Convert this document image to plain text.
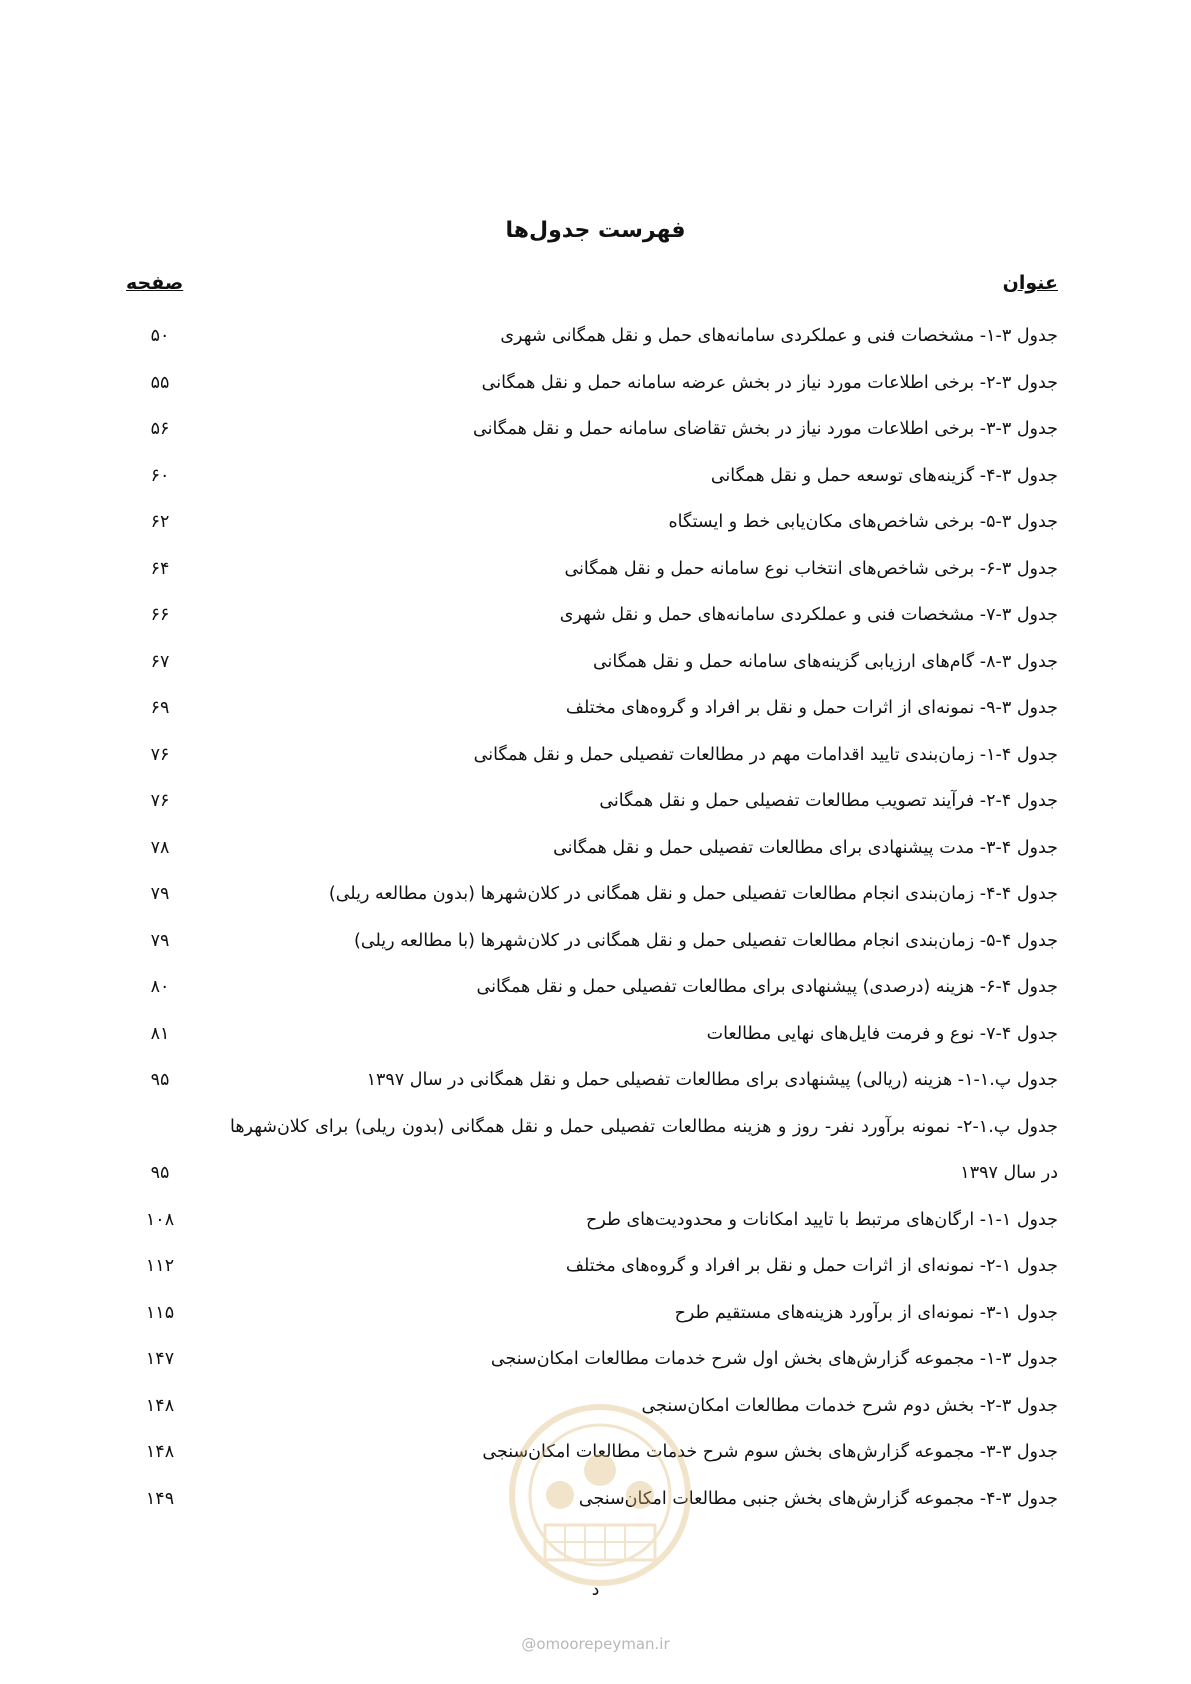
فهرست جدول‌ها
عنوان
صفحه
جدول ۳-۱- مشخصات فنی و عملکردی سامانه‌های حمل و نقل همگانی شهری
۵۰
جدول ۳-۲- برخی اطلاعات مورد نیاز در بخش عرضه سامانه حمل و نقل همگانی
۵۵
جدول ۳-۳- برخی اطلاعات مورد نیاز در بخش تقاضای سامانه حمل و نقل همگانی
۵۶
جدول ۳-۴- گزینه‌های توسعه حمل و نقل همگانی
۶۰
جدول ۳-۵- برخی شاخص‌های مکان‌یابی خط و ایستگاه
۶۲
جدول ۳-۶- برخی شاخص‌های انتخاب نوع سامانه حمل و نقل همگانی
۶۴
جدول ۳-۷- مشخصات فنی و عملکردی سامانه‌های حمل و نقل شهری
۶۶
جدول ۳-۸- گام‌های ارزیابی گزینه‌های سامانه حمل و نقل همگانی
۶۷
جدول ۳-۹- نمونه‌ای از اثرات حمل و نقل بر افراد و گروه‌های مختلف
۶۹
جدول ۴-۱- زمان‌بندی تایید اقدامات مهم در مطالعات تفصیلی حمل و نقل همگانی
۷۶
جدول ۴-۲- فرآیند تصویب مطالعات تفصیلی حمل و نقل همگانی
۷۶
جدول ۴-۳- مدت پیشنهادی برای مطالعات تفصیلی حمل و نقل همگانی
۷۸
جدول ۴-۴- زمان‌بندی انجام مطالعات تفصیلی حمل و نقل همگانی در کلان‌شهرها (بدون مطالعه ریلی)
۷۹
جدول ۴-۵- زمان‌بندی انجام مطالعات تفصیلی حمل و نقل همگانی در کلان‌شهرها (با مطالعه ریلی)
۷۹
جدول ۴-۶- هزینه (درصدی) پیشنهادی برای مطالعات تفصیلی حمل و نقل همگانی
۸۰
جدول ۴-۷- نوع و فرمت فایل‌های نهایی مطالعات
۸۱
جدول پ.۱-۱- هزینه (ریالی) پیشنهادی برای مطالعات تفصیلی حمل و نقل همگانی در سال ۱۳۹۷
۹۵
جدول پ.۱-۲- نمونه برآورد نفر- روز و هزینه مطالعات تفصیلی حمل و نقل همگانی (بدون ریلی) برای کلان‌شهرها در سال ۱۳۹۷
۹۵
جدول ۱-۱- ارگان‌های مرتبط با تایید امکانات و محدودیت‌های طرح
۱۰۸
جدول ۱-۲- نمونه‌ای از اثرات حمل و نقل بر افراد و گروه‌های مختلف
۱۱۲
جدول ۱-۳- نمونه‌ای از برآورد هزینه‌های مستقیم طرح
۱۱۵
جدول ۳-۱- مجموعه گزارش‌های بخش اول شرح خدمات مطالعات امکان‌سنجی
۱۴۷
جدول ۳-۲- بخش دوم شرح خدمات مطالعات امکان‌سنجی
۱۴۸
جدول ۳-۳- مجموعه گزارش‌های بخش سوم شرح خدمات مطالعات امکان‌سنجی
۱۴۸
جدول ۳-۴- مجموعه گزارش‌های بخش جنبی مطالعات امکان‌سنجی
۱۴۹
د
@omoorepeyman.ir
